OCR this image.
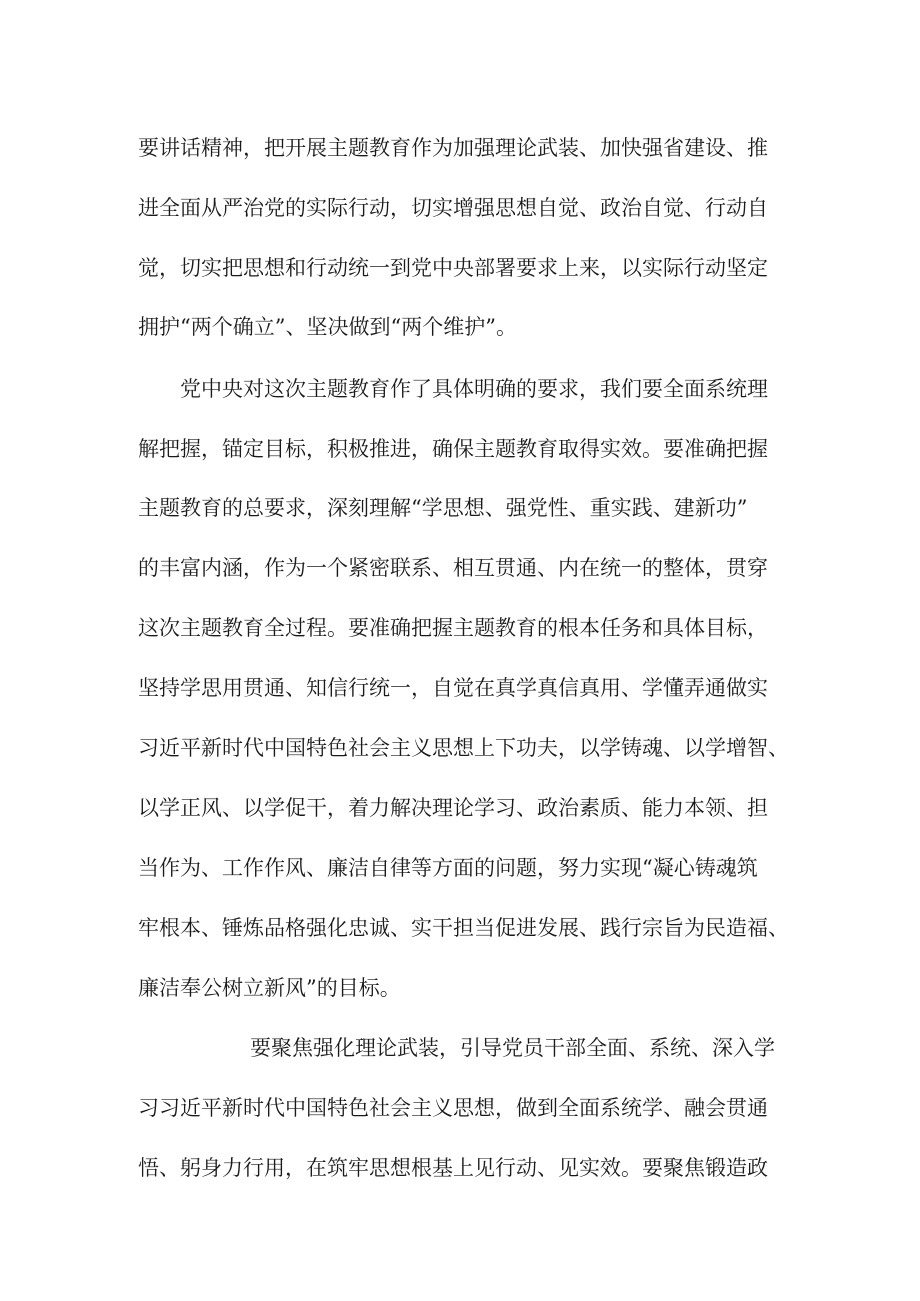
要讲话精神，把开展主题教育作为加强理论武装、加快强省建设、推
进全面从严治党的实际行动，切实增强思想自觉、政治自觉、行动自
觉，切实把思想和行动统一到党中央部署要求上来，以实际行动坚定
拥护“两个确立”、坚决做到“两个维护”。
党中央对这次主题教育作了具体明确的要求，我们要全面系统理
解把握，锚定目标，积极推进，确保主题教育取得实效。要准确把握
主题教育的总要求，深刻理解“学思想、强党性、重实践、建新功”
的丰富内涵，作为一个紧密联系、相互贯通、内在统一的整体，贯穿
这次主题教育全过程。要准确把握主题教育的根本任务和具体目标，
坚持学思用贯通、知信行统一，自觉在真学真信真用、学懂弄通做实
习近平新时代中国特色社会主义思想上下功夫，以学铸魂、以学增智、
以学正风、以学促干，着力解决理论学习、政治素质、能力本领、担
当作为、工作作风、廉洁自律等方面的问题，努力实现“凝心铸魂筑
牢根本、锤炼品格强化忠诚、实干担当促进发展、践行宗旨为民造福、
廉洁奉公树立新风”的目标。
要聚焦强化理论武装，引导党员干部全面、系统、深入学
习习近平新时代中国特色社会主义思想，做到全面系统学、融会贯通
悟、躬身力行用，在筑牢思想根基上见行动、见实效。要聚焦锻造政
